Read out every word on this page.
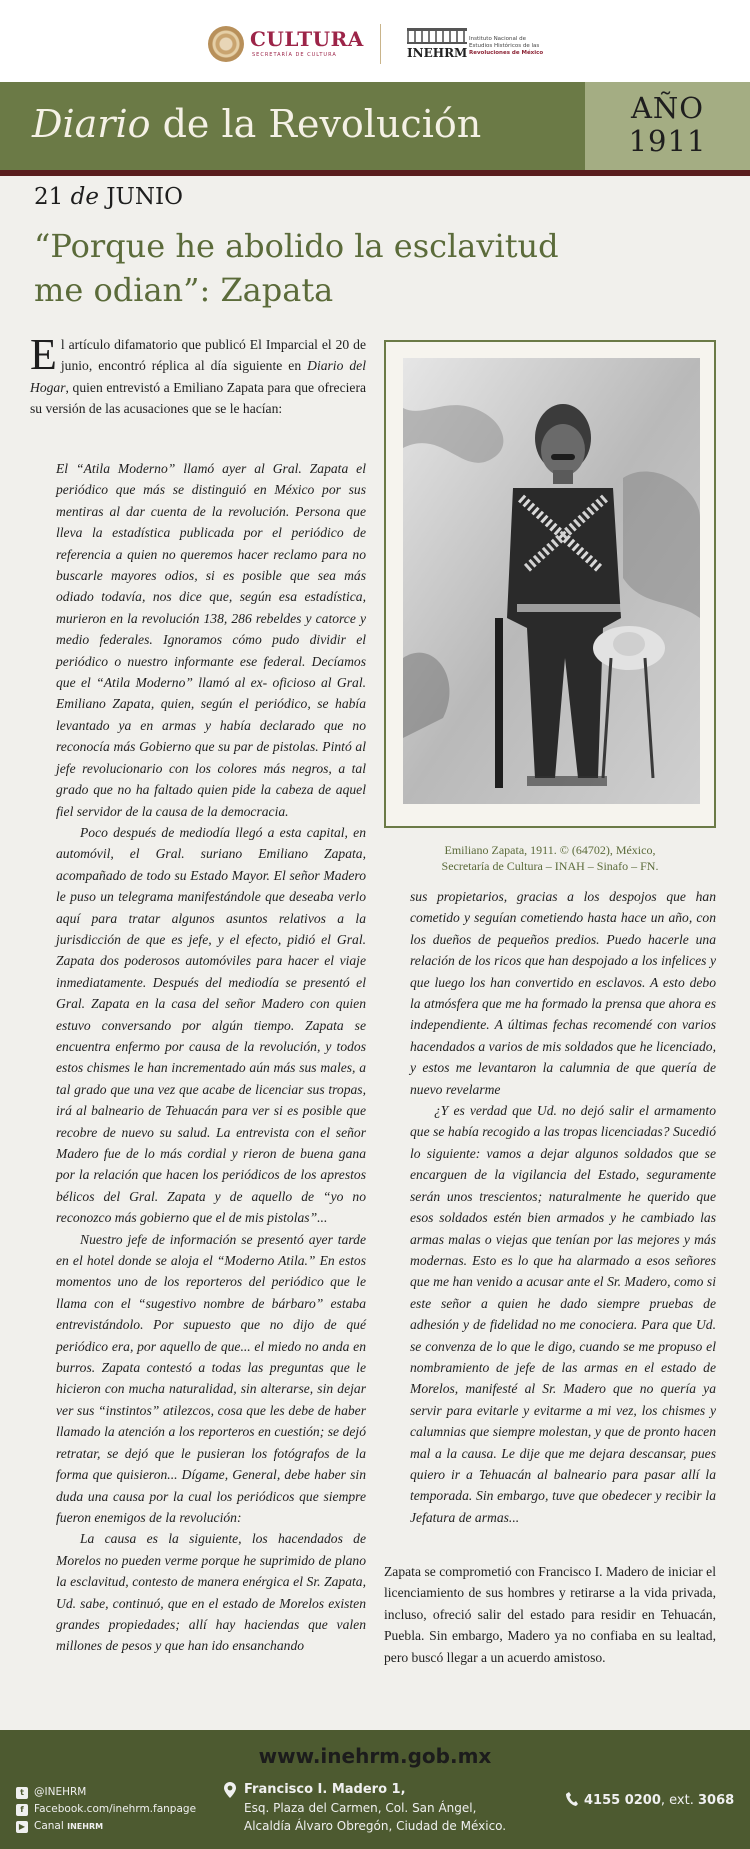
CULTURA
SECRETARÍA DE CULTURA	INEHRM
Instituto Nacional de
Estudios Históricos de las
Revoluciones de México
Diario de la Revolución	AÑO
1911
21 de JUNIO
“Porque he abolido la esclavitud me odian”: Zapata
El artículo difamatorio que publicó El Imparcial el 20 de junio, encontró réplica al día siguiente en Diario del Hogar, quien entrevistó a Emiliano Zapata para que ofreciera su versión de las acusaciones que se le hacían:

El “Atila Moderno” llamó ayer al Gral. Zapata el periódico que más se distinguió en México por sus mentiras al dar cuenta de la revolución. Persona que lleva la estadística publicada por el periódico de referencia a quien no queremos hacer reclamo para no buscarle mayores odios, si es posible que sea más odiado todavía, nos dice que, según esa estadística, murieron en la revolución 138, 286 rebeldes y catorce y medio federales. Ignoramos cómo pudo dividir el periódico o nuestro informante ese federal. Decíamos que el “Atila Moderno” llamó al ex- oficioso al Gral. Emiliano Zapata, quien, según el periódico, se había levantado ya en armas y había declarado que no reconocía más Gobierno que su par de pistolas. Pintó al jefe revolucionario con los colores más negros, a tal grado que no ha faltado quien pide la cabeza de aquel fiel servidor de la causa de la democracia.

Poco después de mediodía llegó a esta capital, en automóvil, el Gral. suriano Emiliano Zapata, acompañado de todo su Estado Mayor. El señor Madero le puso un telegrama manifestándole que deseaba verlo aquí para tratar algunos asuntos relativos a la jurisdicción de que es jefe, y el efecto, pidió el Gral. Zapata dos poderosos automóviles para hacer el viaje inmediatamente. Después del mediodía se presentó el Gral. Zapata en la casa del señor Madero con quien estuvo conversando por algún tiempo. Zapata se encuentra enfermo por causa de la revolución, y todos estos chismes le han incrementado aún más sus males, a tal grado que una vez que acabe de licenciar sus tropas, irá al balneario de Tehuacán para ver si es posible que recobre de nuevo su salud. La entrevista con el señor Madero fue de lo más cordial y rieron de buena gana por la relación que hacen los periódicos de los aprestos bélicos del Gral. Zapata y de aquello de “yo no reconozco más gobierno que el de mis pistolas”...

Nuestro jefe de información se presentó ayer tarde en el hotel donde se aloja el “Moderno Atila.” En estos momentos uno de los reporteros del periódico que le llama con el “sugestivo nombre de bárbaro” estaba entrevistándolo. Por supuesto que no dijo de qué periódico era, por aquello de que... el miedo no anda en burros. Zapata contestó a todas las preguntas que le hicieron con mucha naturalidad, sin alterarse, sin dejar ver sus “instintos” atilezcos, cosa que les debe de haber llamado la atención a los reporteros en cuestión; se dejó retratar, se dejó que le pusieran los fotógrafos de la forma que quisieron... Dígame, General, debe haber sin duda una causa por la cual los periódicos que siempre fueron enemigos de la revolución:

La causa es la siguiente, los hacendados de Morelos no pueden verme porque he suprimido de plano la esclavitud, contesto de manera enérgica el Sr. Zapata, Ud. sabe, continuó, que en el estado de Morelos existen grandes propiedades; allí hay haciendas que valen millones de pesos y que han ido ensanchando

Emiliano Zapata, 1911. © (64702), México,
Secretaría de Cultura – INAH – Sinafo – FN.

sus propietarios, gracias a los despojos que han cometido y seguían cometiendo hasta hace un año, con los dueños de pequeños predios. Puedo hacerle una relación de los ricos que han despojado a los infelices y que luego los han convertido en esclavos. A esto debo la atmósfera que me ha formado la prensa que ahora es independiente. A últimas fechas recomendé con varios hacendados a varios de mis soldados que he licenciado, y estos me levantaron la calumnia de que quería de nuevo revelarme

¿Y es verdad que Ud. no dejó salir el armamento que se había recogido a las tropas licenciadas? Sucedió lo siguiente: vamos a dejar algunos soldados que se encarguen de la vigilancia del Estado, seguramente serán unos trescientos; naturalmente he querido que esos soldados estén bien armados y he cambiado las armas malas o viejas que tenían por las mejores y más modernas. Esto es lo que ha alarmado a esos señores que me han venido a acusar ante el Sr. Madero, como si este señor a quien he dado siempre pruebas de adhesión y de fidelidad no me conociera. Para que Ud. se convenza de lo que le digo, cuando se me propuso el nombramiento de jefe de las armas en el estado de Morelos, manifesté al Sr. Madero que no quería ya servir para evitarle y evitarme a mi vez, los chismes y calumnias que siempre molestan, y que de pronto hacen mal a la causa. Le dije que me dejara descansar, pues quiero ir a Tehuacán al balneario para pasar allí la temporada. Sin embargo, tuve que obedecer y recibir la Jefatura de armas...

Zapata se comprometió con Francisco I. Madero de iniciar el licenciamiento de sus hombres y retirarse a la vida privada, incluso, ofreció salir del estado para residir en Tehuacán, Puebla. Sin embargo, Madero ya no confiaba en su lealtad, pero buscó llegar a un acuerdo amistoso.

www.inehrm.gob.mx
t @INEHRM
f Facebook.com/inehrm.fanpage
▶ Canal
INEHRM
Francisco I. Madero 1,
Esq. Plaza del Carmen, Col. San Ángel,
Alcaldía Álvaro Obregón, Ciudad de México.
4155 0200, ext. 3068
